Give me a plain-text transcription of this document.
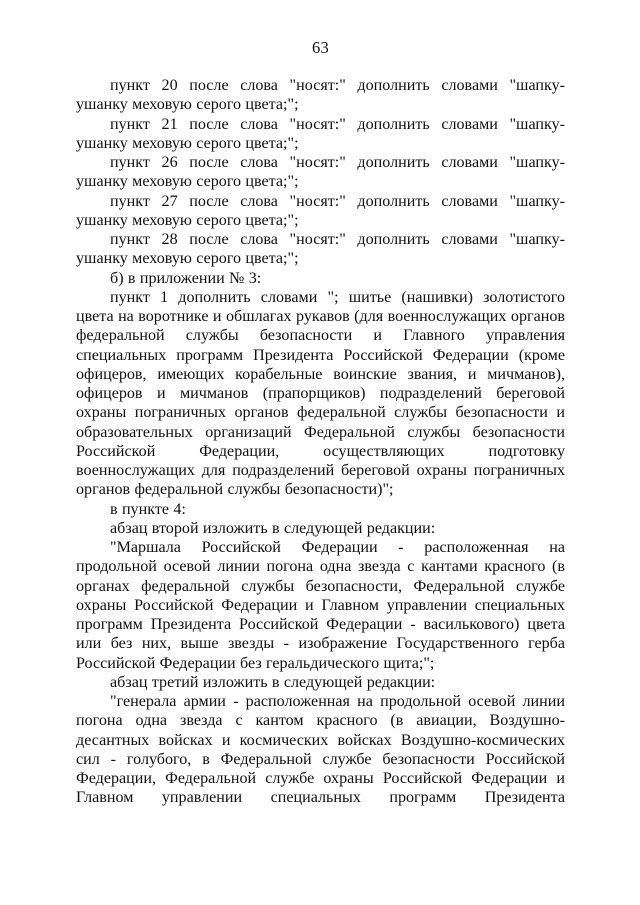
63

пункт 20 после слова "носят:" дополнить словами "шапку-ушанку меховую серого цвета;";

пункт 21 после слова "носят:" дополнить словами "шапку-ушанку меховую серого цвета;";

пункт 26 после слова "носят:" дополнить словами "шапку-ушанку меховую серого цвета;";

пункт 27 после слова "носят:" дополнить словами "шапку-ушанку меховую серого цвета;";

пункт 28 после слова "носят:" дополнить словами "шапку-ушанку меховую серого цвета;";

б) в приложении № 3:

пункт 1 дополнить словами "; шитье (нашивки) золотистого цвета на воротнике и обшлагах рукавов (для военнослужащих органов федеральной службы безопасности и Главного управления специальных программ Президента Российской Федерации (кроме офицеров, имеющих корабельные воинские звания, и мичманов), офицеров и мичманов (прапорщиков) подразделений береговой охраны пограничных органов федеральной службы безопасности и образовательных организаций Федеральной службы безопасности Российской Федерации, осуществляющих подготовку военнослужащих для подразделений береговой охраны пограничных органов федеральной службы безопасности)";

в пункте 4:

абзац второй изложить в следующей редакции:

"Маршала Российской Федерации - расположенная на продольной осевой линии погона одна звезда с кантами красного (в органах федеральной службы безопасности, Федеральной службе охраны Российской Федерации и Главном управлении специальных программ Президента Российской Федерации - василькового) цвета или без них, выше звезды - изображение Государственного герба Российской Федерации без геральдического щита;";

абзац третий изложить в следующей редакции:

"генерала армии - расположенная на продольной осевой линии погона одна звезда с кантом красного (в авиации, Воздушно-десантных войсках и космических войсках Воздушно-космических сил - голубого, в Федеральной службе безопасности Российской Федерации, Федеральной службе охраны Российской Федерации и Главном управлении специальных программ Президента
